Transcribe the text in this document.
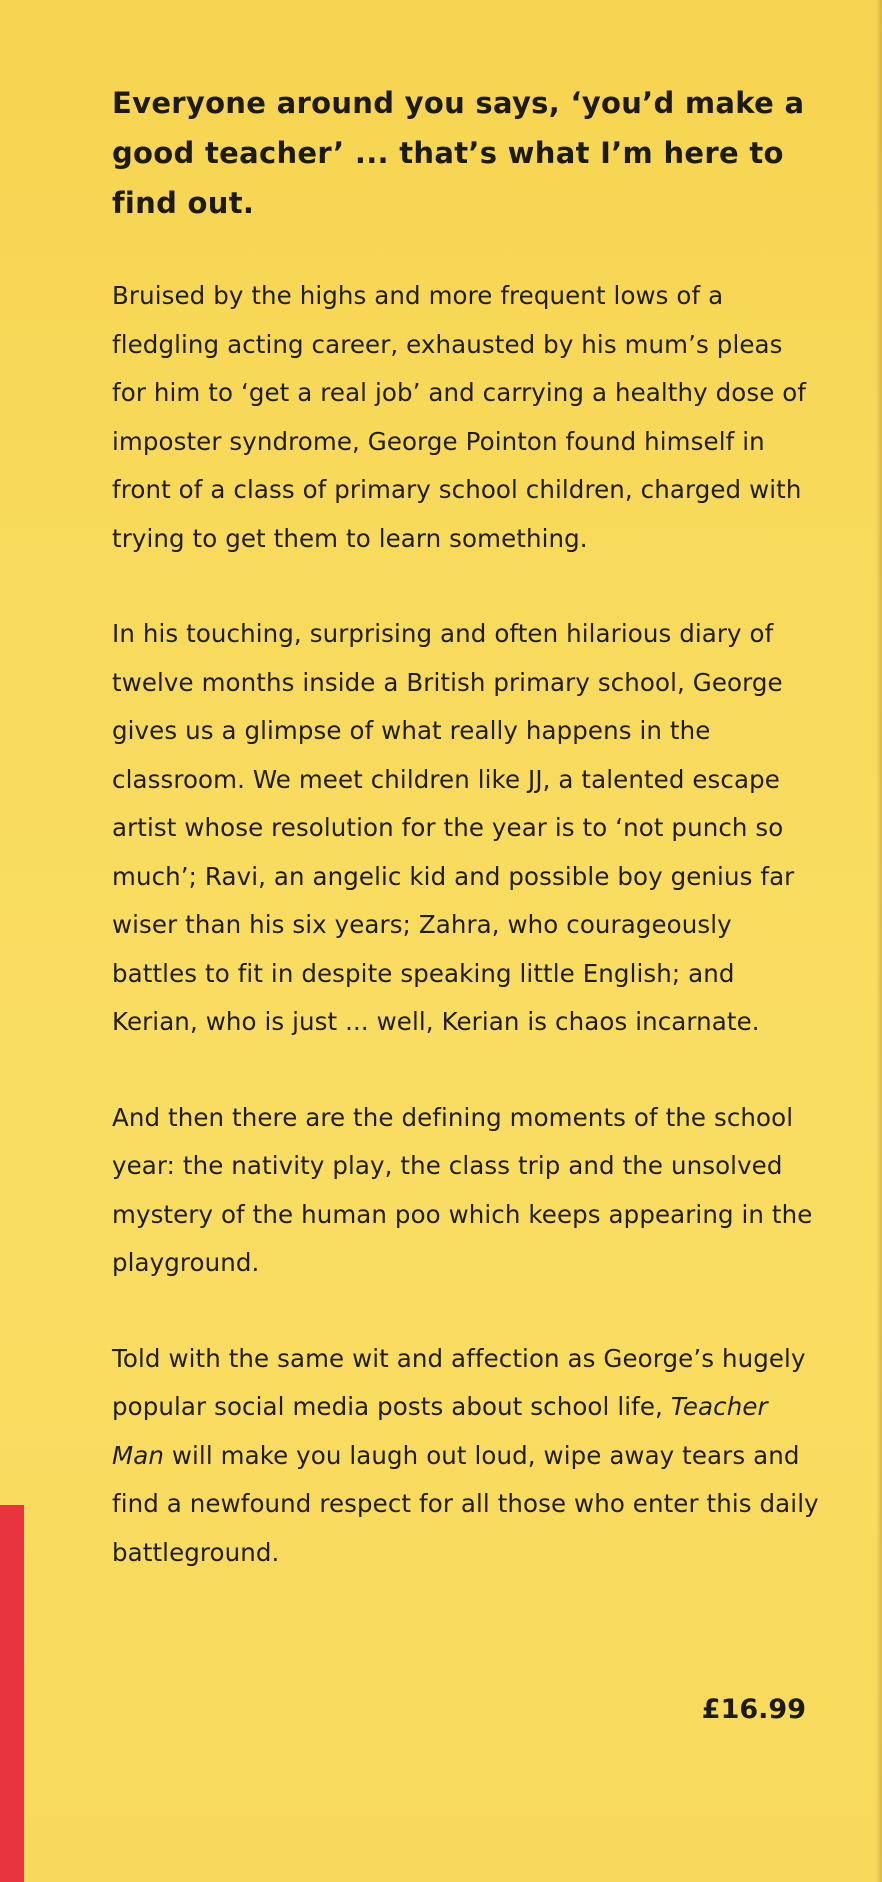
Everyone around you says, ‘you’d make a good teacher’ ... that’s what I’m here to find out.

Bruised by the highs and more frequent lows of a fledgling acting career, exhausted by his mum’s pleas for him to ‘get a real job’ and carrying a healthy dose of imposter syndrome, George Pointon found himself in front of a class of primary school children, charged with trying to get them to learn something.

In his touching, surprising and often hilarious diary of twelve months inside a British primary school, George gives us a glimpse of what really happens in the classroom. We meet children like JJ, a talented escape artist whose resolution for the year is to ‘not punch so much’; Ravi, an angelic kid and possible boy genius far wiser than his six years; Zahra, who courageously battles to fit in despite speaking little English; and Kerian, who is just ... well, Kerian is chaos incarnate.

And then there are the defining moments of the school year: the nativity play, the class trip and the unsolved mystery of the human poo which keeps appearing in the playground.

Told with the same wit and affection as George’s hugely popular social media posts about school life, Teacher Man will make you laugh out loud, wipe away tears and find a newfound respect for all those who enter this daily battleground.

£16.99
